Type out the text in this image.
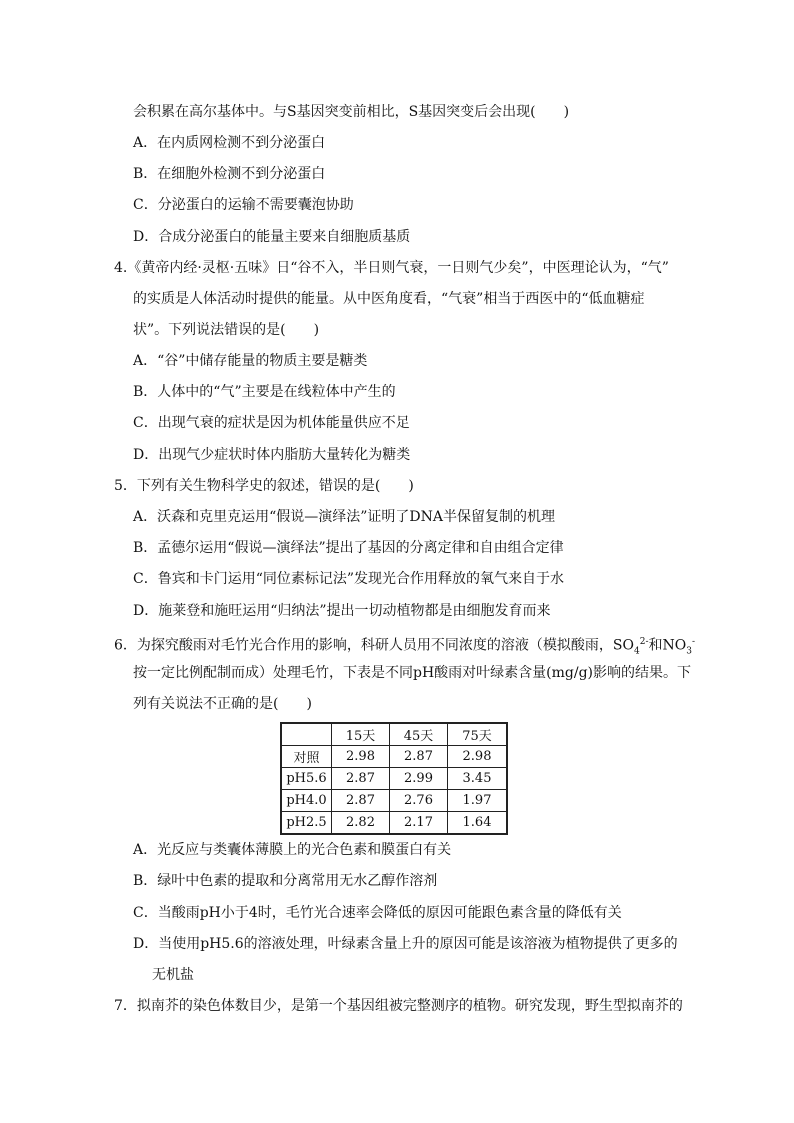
会积累在高尔基体中。与S基因突变前相比，S基因突变后会出现(　　)
A．在内质网检测不到分泌蛋白
B．在细胞外检测不到分泌蛋白
C．分泌蛋白的运输不需要囊泡协助
D．合成分泌蛋白的能量主要来自细胞质基质
4.《黄帝内经·灵枢·五味》日“谷不入，半日则气衰，一日则气少矣”，中医理论认为，“气”
的实质是人体活动时提供的能量。从中医角度看，“气衰”相当于西医中的“低血糖症
状”。下列说法错误的是(　　)
A．“谷”中储存能量的物质主要是糖类
B．人体中的“气”主要是在线粒体中产生的
C．出现气衰的症状是因为机体能量供应不足
D．出现气少症状时体内脂肪大量转化为糖类
5．下列有关生物科学史的叙述，错误的是(　　)
A．沃森和克里克运用“假说—演绎法”证明了DNA半保留复制的机理
B．孟德尔运用“假说—演绎法”提出了基因的分离定律和自由组合定律
C．鲁宾和卡门运用“同位素标记法”发现光合作用释放的氧气来自于水
D．施莱登和施旺运用“归纳法”提出一切动植物都是由细胞发育而来
6．为探究酸雨对毛竹光合作用的影响，科研人员用不同浓度的溶液（模拟酸雨，$SO_4^{2-}$和$NO_3^-$
按一定比例配制而成）处理毛竹，下表是不同pH酸雨对叶绿素含量(mg/g)影响的结果。下
列有关说法不正确的是(　　)
	15天	45天	75天
对照	2.98	2.87	2.98
pH5.6	2.87	2.99	3.45
pH4.0	2.87	2.76	1.97
pH2.5	2.82	2.17	1.64
A．光反应与类囊体薄膜上的光合色素和膜蛋白有关
B．绿叶中色素的提取和分离常用无水乙醇作溶剂
C．当酸雨pH小于4时，毛竹光合速率会降低的原因可能跟色素含量的降低有关
D．当使用pH5.6的溶液处理，叶绿素含量上升的原因可能是该溶液为植物提供了更多的
无机盐
7．拟南芥的染色体数目少，是第一个基因组被完整测序的植物。研究发现，野生型拟南芥的
